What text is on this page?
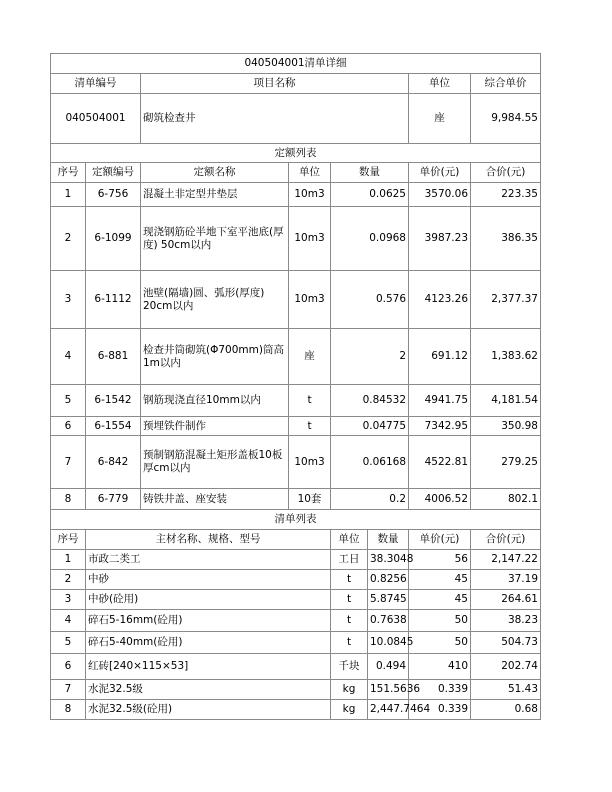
040504001清单详细							
清单编号		项目名称				单位	综合单价
040504001		砌筑检查井				座	9,984.55
定额列表							
序号	定额编号	定额名称	单位	数量		单价(元)	合价(元)
1	6-756	混凝土非定型井垫层	10m3	0.0625		3570.06	223.35
2	6-1099	现浇钢筋砼半地下室平池底(厚度) 50cm以内	10m3	0.0968		3987.23	386.35
3	6-1112	池壁(隔墙)圆、弧形(厚度) 20cm以内	10m3	0.576		4123.26	2,377.37
4	6-881	检查井筒砌筑(Φ700mm)筒高1m以内	座	2		691.12	1,383.62
5	6-1542	钢筋现浇直径10mm以内	t	0.84532		4941.75	4,181.54
6	6-1554	预埋铁件制作	t	0.04775		7342.95	350.98
7	6-842	预制钢筋混凝土矩形盖板10板厚cm以内	10m3	0.06168		4522.81	279.25
8	6-779	铸铁井盖、座安装	10套	0.2		4006.52	802.1
清单列表							
序号	主材名称、规格、型号			单位	数量	单价(元)	合价(元)
1	市政二类工			工日	38.3048	56	2,147.22
2	中砂			t	0.8256	45	37.19
3	中砂(砼用)			t	5.8745	45	264.61
4	碎石5-16mm(砼用)			t	0.7638	50	38.23
5	碎石5-40mm(砼用)			t	10.0845	50	504.73
6	红砖[240×115×53]			千块	0.494	410	202.74
7	水泥32.5级			kg	151.5636	0.339	51.43
8	水泥32.5级(砼用)			kg	2,447.7464	0.339	0.68
